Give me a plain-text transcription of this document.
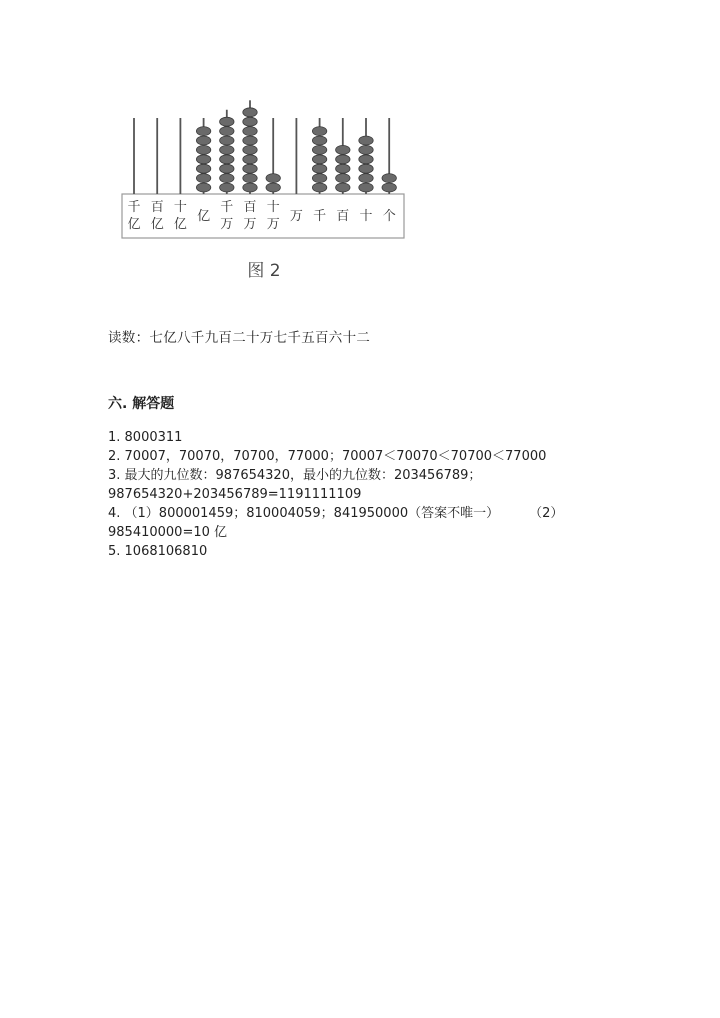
千
亿
百
亿
十
亿
亿
千
万
百
万
十
万
万 千 百 十 个
图 2
读数：七亿八千九百二十万七千五百六十二
六. 解答题
1. 8000311
2. 70007，70070，70700，77000；70007＜70070＜70700＜77000
3. 最大的九位数：987654320，最小的九位数：203456789；
987654320+203456789=1191111109
4. （1）800001459；810004059；841950000（答案不唯一） （2）
985410000=10 亿
5. 1068106810
